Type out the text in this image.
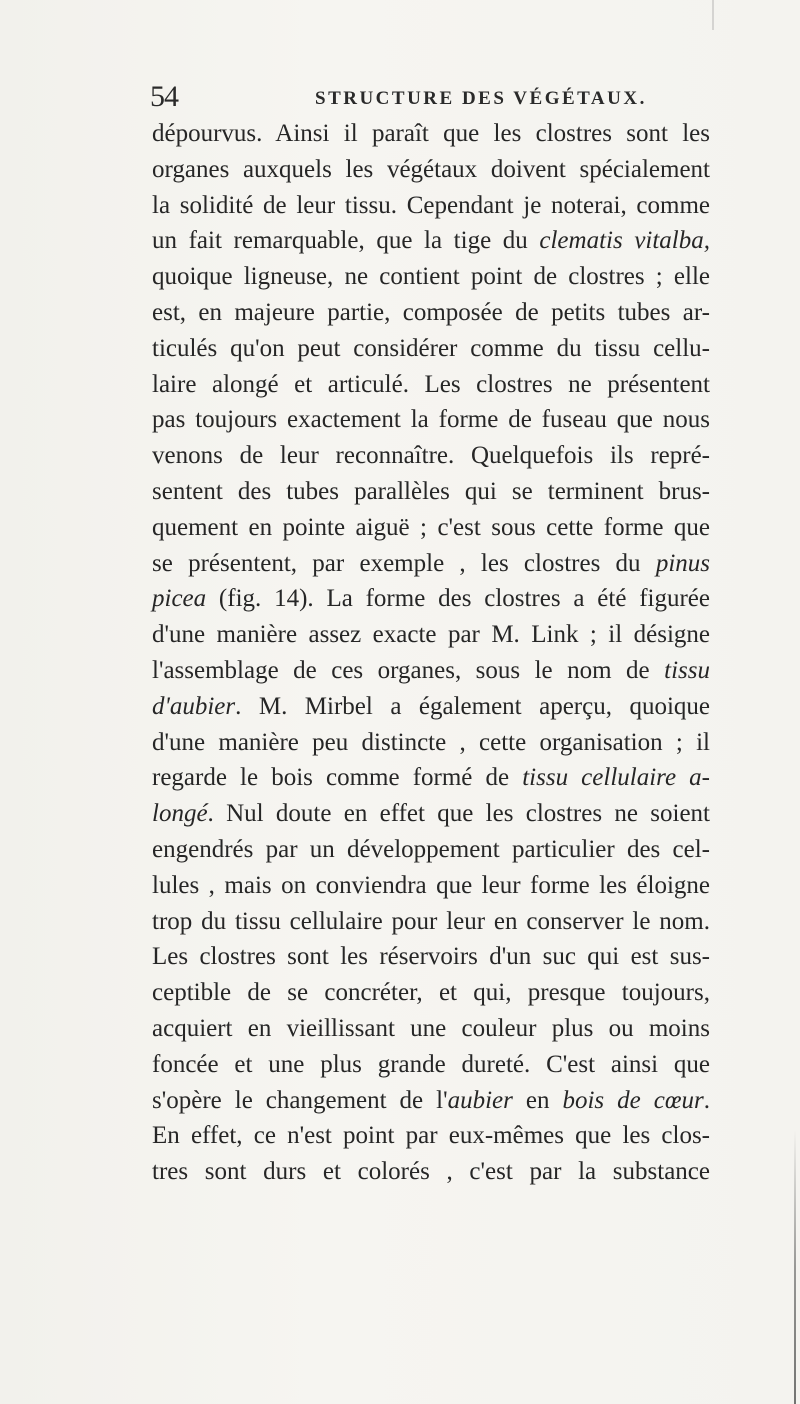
54	STRUCTURE DES VÉGÉTAUX.
dépourvus. Ainsi il paraît que les clostres sont les
organes auxquels les végétaux doivent spécialement
la solidité de leur tissu. Cependant je noterai, comme
un fait remarquable, que la tige du clematis vitalba,
quoique ligneuse, ne contient point de clostres ; elle
est, en majeure partie, composée de petits tubes ar-
ticulés qu'on peut considérer comme du tissu cellu-
laire alongé et articulé. Les clostres ne présentent
pas toujours exactement la forme de fuseau que nous
venons de leur reconnaître. Quelquefois ils repré-
sentent des tubes parallèles qui se terminent brus-
quement en pointe aiguë ; c'est sous cette forme que
se présentent, par exemple , les clostres du pinus
picea (fig. 14). La forme des clostres a été figurée
d'une manière assez exacte par M. Link ; il désigne
l'assemblage de ces organes, sous le nom de tissu
d'aubier. M. Mirbel a également aperçu, quoique
d'une manière peu distincte , cette organisation ; il
regarde le bois comme formé de tissu cellulaire a-
longé. Nul doute en effet que les clostres ne soient
engendrés par un développement particulier des cel-
lules , mais on conviendra que leur forme les éloigne
trop du tissu cellulaire pour leur en conserver le nom.
Les clostres sont les réservoirs d'un suc qui est sus-
ceptible de se concréter, et qui, presque toujours,
acquiert en vieillissant une couleur plus ou moins
foncée et une plus grande dureté. C'est ainsi que
s'opère le changement de l'aubier en bois de cœur.
En effet, ce n'est point par eux-mêmes que les clos-
tres sont durs et colorés , c'est par la substance
